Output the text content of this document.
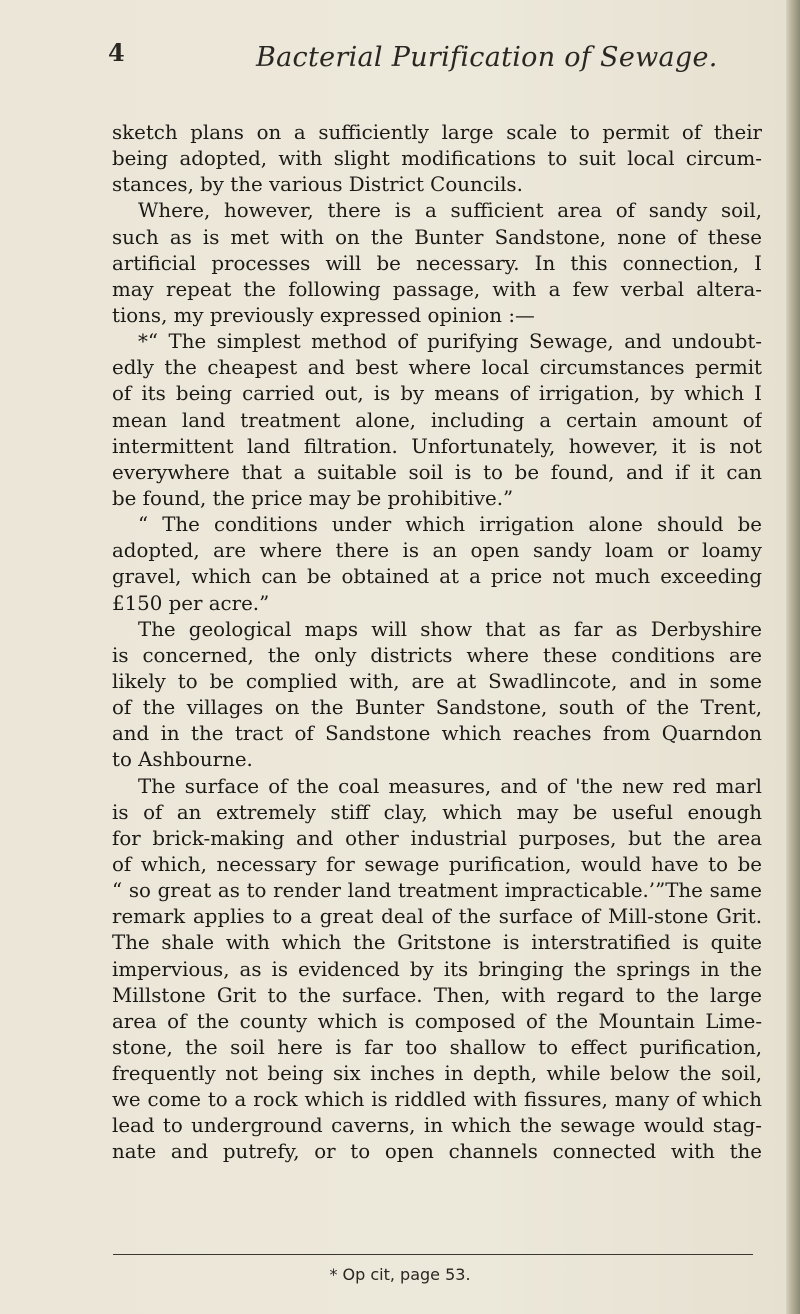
4	Bacterial Purification of Sewage.
sketch plans on a sufficiently large scale to permit of their
being adopted, with slight modifications to suit local circum-
stances, by the various District Councils.
Where, however, there is a sufficient area of sandy soil,
such as is met with on the Bunter Sandstone, none of these
artificial processes will be necessary. In this connection, I
may repeat the following passage, with a few verbal altera-
tions, my previously expressed opinion :—
*“ The simplest method of purifying Sewage, and undoubt-
edly the cheapest and best where local circumstances permit
of its being carried out, is by means of irrigation, by which I
mean land treatment alone, including a certain amount of
intermittent land filtration. Unfortunately, however, it is not
everywhere that a suitable soil is to be found, and if it can
be found, the price may be prohibitive.”
“ The conditions under which irrigation alone should be
adopted, are where there is an open sandy loam or loamy
gravel, which can be obtained at a price not much exceeding
£150 per acre.”
The geological maps will show that as far as Derbyshire
is concerned, the only districts where these conditions are
likely to be complied with, are at Swadlincote, and in some
of the villages on the Bunter Sandstone, south of the Trent,
and in the tract of Sandstone which reaches from Quarndon
to Ashbourne.
The surface of the coal measures, and of 'the new red marl
is of an extremely stiff clay, which may be useful enough
for brick-making and other industrial purposes, but the area
of which, necessary for sewage purification, would have to be
“ so great as to render land treatment impracticable.’”The same
remark applies to a great deal of the surface of Mill-stone Grit.
The shale with which the Gritstone is interstratified is quite
impervious, as is evidenced by its bringing the springs in the
Millstone Grit to the surface. Then, with regard to the large
area of the county which is composed of the Mountain Lime-
stone, the soil here is far too shallow to effect purification,
frequently not being six inches in depth, while below the soil,
we come to a rock which is riddled with fissures, many of which
lead to underground caverns, in which the sewage would stag-
nate and putrefy, or to open channels connected with the
* Op cit, page 53.
